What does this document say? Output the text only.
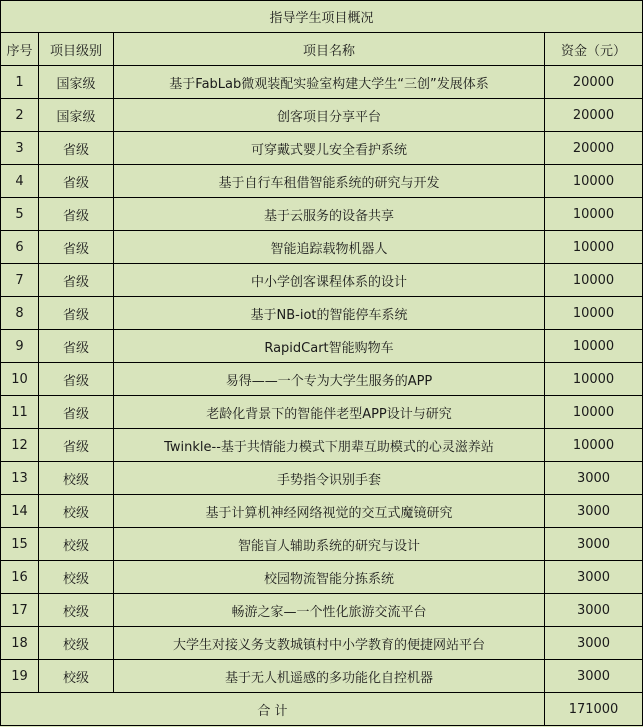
指导学生项目概况			
序号	项目级别	项目名称	资金（元）
1	国家级	基于FabLab微观装配实验室构建大学生“三创”发展体系	20000
2	国家级	创客项目分享平台	20000
3	省级	可穿戴式婴儿安全看护系统	20000
4	省级	基于自行车租借智能系统的研究与开发	10000
5	省级	基于云服务的设备共享	10000
6	省级	智能追踪载物机器人	10000
7	省级	中小学创客课程体系的设计	10000
8	省级	基于NB-iot的智能停车系统	10000
9	省级	RapidCart智能购物车	10000
10	省级	易得——一个专为大学生服务的APP	10000
11	省级	老龄化背景下的智能伴老型APP设计与研究	10000
12	省级	Twinkle--基于共情能力模式下朋辈互助模式的心灵滋养站	10000
13	校级	手势指令识别手套	3000
14	校级	基于计算机神经网络视觉的交互式魔镜研究	3000
15	校级	智能盲人辅助系统的研究与设计	3000
16	校级	校园物流智能分拣系统	3000
17	校级	畅游之家—一个性化旅游交流平台	3000
18	校级	大学生对接义务支教城镇村中小学教育的便捷网站平台	3000
19	校级	基于无人机遥感的多功能化自控机器	3000
合 计			171000
